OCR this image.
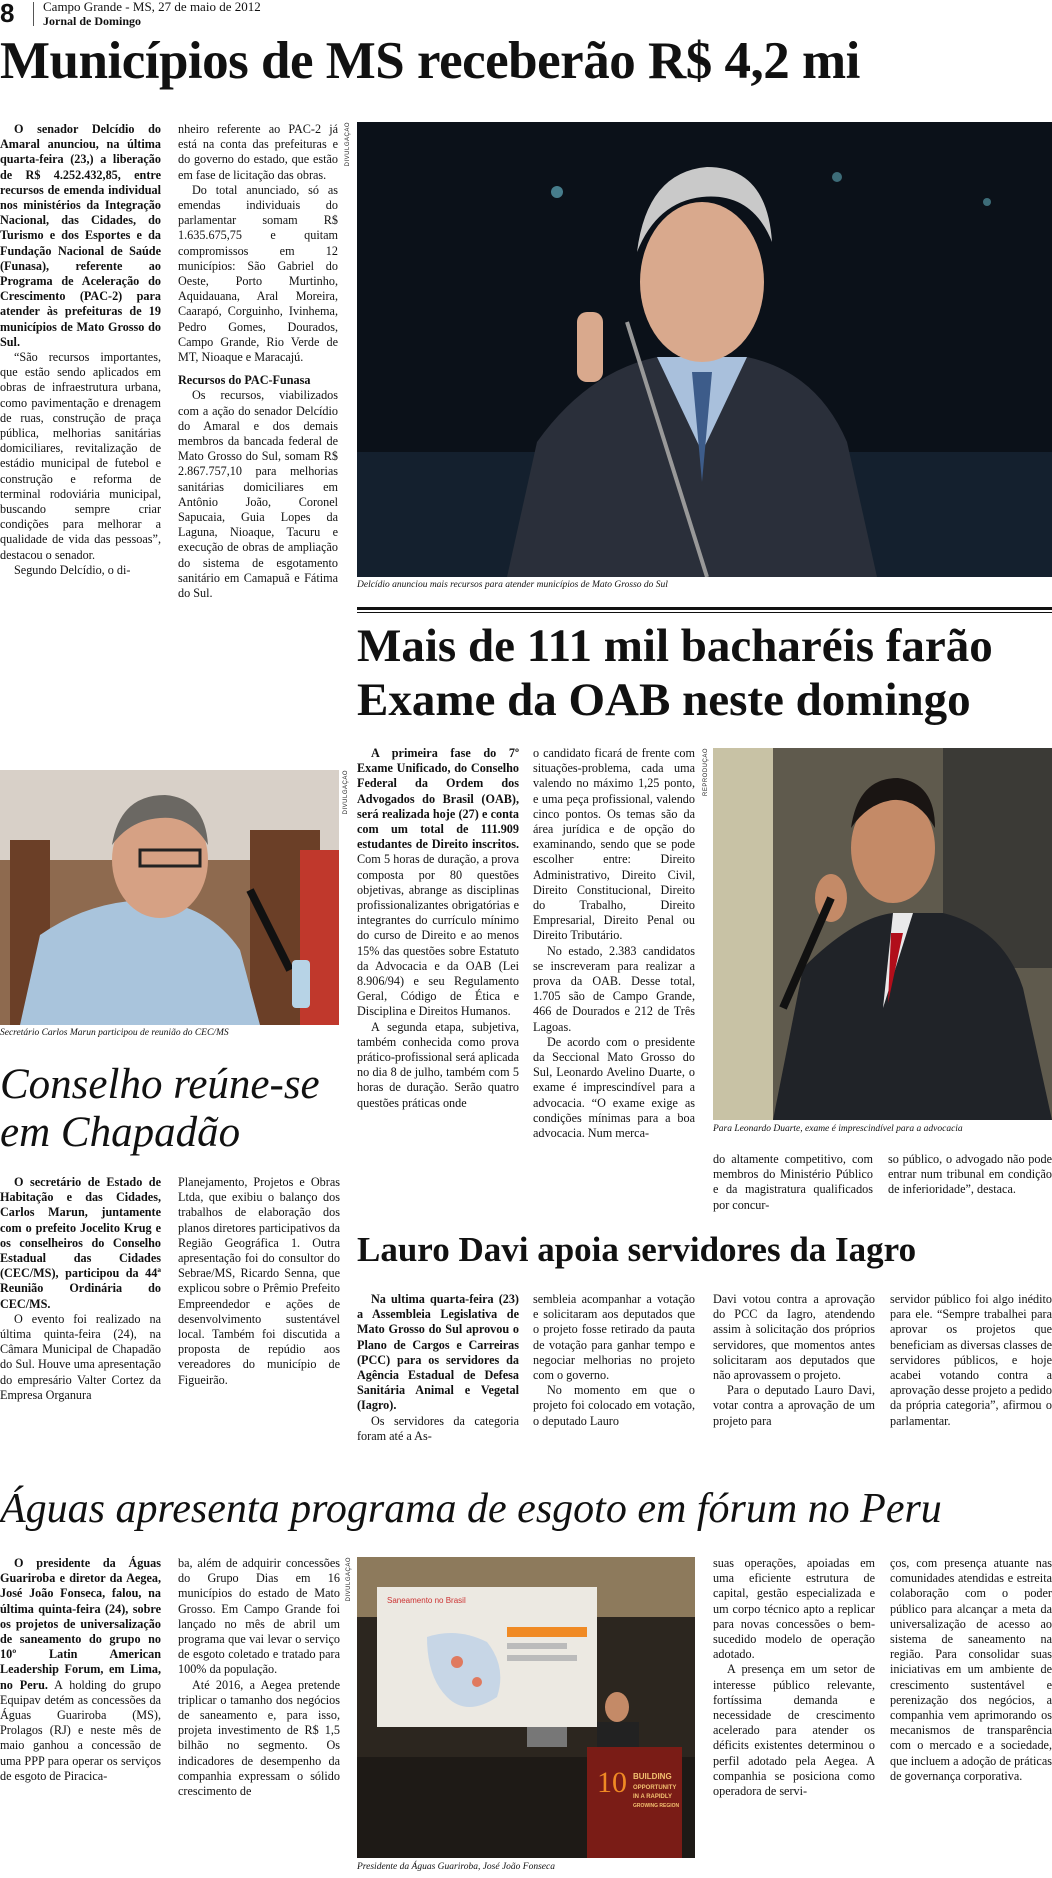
8 Campo Grande - MS, 27 de maio de 2012
Jornal de Domingo
Municípios de MS receberão R$ 4,2 mi

O senador Delcídio do Amaral anunciou, na última quarta-feira (23,) a liberação de R$ 4.252.432,85, entre recursos de emenda individual nos ministérios da Integração Nacional, das Cidades, do Turismo e dos Esportes e da Fundação Nacional de Saúde (Funasa), referente ao Programa de Aceleração do Crescimento (PAC-2) para atender às prefeituras de 19 municípios de Mato Grosso do Sul.

“São recursos importantes, que estão sendo aplicados em obras de infraestrutura urbana, como pavimentação e drenagem de ruas, construção de praça pública, melhorias sanitárias domiciliares, revitalização de estádio municipal de futebol e construção e reforma de terminal rodoviária municipal, buscando sempre criar condições para melhorar a qualidade de vida das pessoas”, destacou o senador.

Segundo Delcídio, o di-

nheiro referente ao PAC-2 já está na conta das prefeituras e do governo do estado, que estão em fase de licitação das obras.

Do total anunciado, só as emendas individuais do parlamentar somam R$ 1.635.675,75 e quitam compromissos em 12 municípios: São Gabriel do Oeste, Porto Murtinho, Aquidauana, Aral Moreira, Caarapó, Corguinho, Ivinhema, Pedro Gomes, Dourados, Campo Grande, Rio Verde de MT, Nioaque e Maracajú.

Recursos do PAC-Funasa

Os recursos, viabilizados com a ação do senador Delcídio do Amaral e dos demais membros da bancada federal de Mato Grosso do Sul, somam R$ 2.867.757,10 para melhorias sanitárias domiciliares em Antônio João, Coronel Sapucaia, Guia Lopes da Laguna, Nioaque, Tacuru e execução de obras de ampliação do sistema de esgotamento sanitário em Camapuã e Fátima do Sul.

DIVULGAÇÃO
Delcídio anunciou mais recursos para atender municípios de Mato Grosso do Sul
Mais de 111 mil bacharéis farão
Exame da OAB neste domingo

A primeira fase do 7º Exame Unificado, do Conselho Federal da Ordem dos Advogados do Brasil (OAB), será realizada hoje (27) e conta com um total de 111.909 estudantes de Direito inscritos. Com 5 horas de duração, a prova composta por 80 questões objetivas, abrange as disciplinas profissionalizantes obrigatórias e integrantes do currículo mínimo do curso de Direito e ao menos 15% das questões sobre Estatuto da Advocacia e da OAB (Lei 8.906/94) e seu Regulamento Geral, Código de Ética e Disciplina e Direitos Humanos.

A segunda etapa, subjetiva, também conhecida como prova prático-profissional será aplicada no dia 8 de julho, também com 5 horas de duração. Serão quatro questões práticas onde

o candidato ficará de frente com situações-problema, cada uma valendo no máximo 1,25 ponto, e uma peça profissional, valendo cinco pontos. Os temas são da área jurídica e de opção do examinando, sendo que se pode escolher entre: Direito Administrativo, Direito Civil, Direito Constitucional, Direito do Trabalho, Direito Empresarial, Direito Penal ou Direito Tributário.

No estado, 2.383 candidatos se inscreveram para realizar a prova da OAB. Desse total, 1.705 são de Campo Grande, 466 de Dourados e 212 de Três Lagoas.

De acordo com o presidente da Seccional Mato Grosso do Sul, Leonardo Avelino Duarte, o exame é imprescindível para a advocacia. “O exame exige as condições mínimas para a boa advocacia. Num merca-

REPRODUÇÃO
Para Leonardo Duarte, exame é imprescindível para a advocacia

do altamente competitivo, com membros do Ministério Público e da magistratura qualificados por concur-

so público, o advogado não pode entrar num tribunal em condição de inferioridade”, destaca.

DIVULGAÇÃO
Secretário Carlos Marun participou de reunião do CEC/MS
Conselho reúne-se
em Chapadão

O secretário de Estado de Habitação e das Cidades, Carlos Marun, juntamente com o prefeito Jocelito Krug e os conselheiros do Conselho Estadual das Cidades (CEC/MS), participou da 44ª Reunião Ordinária do CEC/MS.

O evento foi realizado na última quinta-feira (24), na Câmara Municipal de Chapadão do Sul. Houve uma apresentação do empresário Valter Cortez da Empresa Organura

Planejamento, Projetos e Obras Ltda, que exibiu o balanço dos trabalhos de elaboração dos planos diretores participativos da Região Geográfica 1. Outra apresentação foi do consultor do Sebrae/MS, Ricardo Senna, que explicou sobre o Prêmio Prefeito Empreendedor e ações de desenvolvimento sustentável local. Também foi discutida a proposta de repúdio aos vereadores do município de Figueirão.

Lauro Davi apoia servidores da Iagro

Na ultima quarta-feira (23) a Assembleia Legislativa de Mato Grosso do Sul aprovou o Plano de Cargos e Carreiras (PCC) para os servidores da Agência Estadual de Defesa Sanitária Animal e Vegetal (Iagro).

Os servidores da categoria foram até a As-

sembleia acompanhar a votação e solicitaram aos deputados que o projeto fosse retirado da pauta de votação para ganhar tempo e negociar melhorias no projeto com o governo.

No momento em que o projeto foi colocado em votação, o deputado Lauro

Davi votou contra a aprovação do PCC da Iagro, atendendo assim à solicitação dos próprios servidores, que momentos antes solicitaram aos deputados que não aprovassem o projeto.

Para o deputado Lauro Davi, votar contra a aprovação de um projeto para

servidor público foi algo inédito para ele. “Sempre trabalhei para aprovar os projetos que beneficiam as diversas classes de servidores públicos, e hoje acabei votando contra a aprovação desse projeto a pedido da própria categoria”, afirmou o parlamentar.

Águas apresenta programa de esgoto em fórum no Peru

O presidente da Águas Guariroba e diretor da Aegea, José João Fonseca, falou, na última quinta-feira (24), sobre os projetos de universalização de saneamento do grupo no 10º Latin American Leadership Forum, em Lima, no Peru. A holding do grupo Equipav detém as concessões da Águas Guariroba (MS), Prolagos (RJ) e neste mês de maio ganhou a concessão de uma PPP para operar os serviços de esgoto de Piracica-

ba, além de adquirir concessões do Grupo Dias em 16 municípios do estado de Mato Grosso. Em Campo Grande foi lançado no mês de abril um programa que vai levar o serviço de esgoto coletado e tratado para 100% da população.

Até 2016, a Aegea pretende triplicar o tamanho dos negócios de saneamento e, para isso, projeta investimento de R$ 1,5 bilhão no segmento. Os indicadores de desempenho da companhia expressam o sólido crescimento de

DIVULGAÇÃO	Saneamento no Brasil
10 BUILDING
OPPORTUNITY
IN A RAPIDLY
GROWING REGION
Presidente da Águas Guariroba, José João Fonseca

suas operações, apoiadas em uma eficiente estrutura de capital, gestão especializada e um corpo técnico apto a replicar para novas concessões o bem-sucedido modelo de operação adotado.

A presença em um setor de interesse público relevante, fortíssima demanda e necessidade de crescimento acelerado para atender os déficits existentes determinou o perfil adotado pela Aegea. A companhia se posiciona como operadora de servi-

ços, com presença atuante nas comunidades atendidas e estreita colaboração com o poder público para alcançar a meta da universalização de acesso ao sistema de saneamento na região. Para consolidar suas iniciativas em um ambiente de crescimento sustentável e perenização dos negócios, a companhia vem aprimorando os mecanismos de transparência com o mercado e a sociedade, que incluem a adoção de práticas de governança corporativa.
